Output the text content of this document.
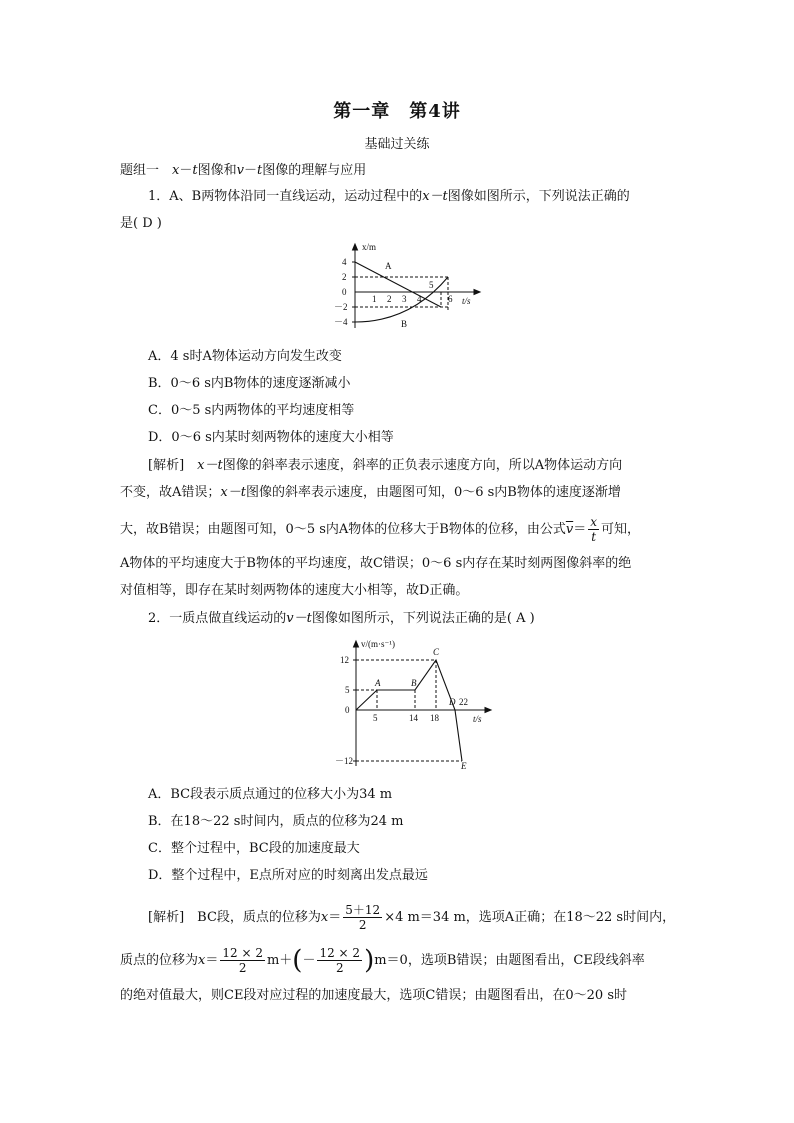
第一章　第4讲
基础过关练
题组一　 x－t图像和v－t图像的理解与应用
1．A、B两物体沿同一直线运动，运动过程中的x－t图像如图所示，下列说法正确的
是( D )
x/m
t/s
4
2
0
－2
－4
1 2 3 4
5
6
A
B
A．4 s时A物体运动方向发生改变
B．0～6 s内B物体的速度逐渐减小
C．0～5 s内两物体的平均速度相等
D．0～6 s内某时刻两物体的速度大小相等
[解析]　 x－t图像的斜率表示速度，斜率的正负表示速度方向，所以A物体运动方向
不变，故A错误；x－t图像的斜率表示速度，由题图可知，0～6 s内B物体的速度逐渐增
大，故B错误；由题图可知，0～5 s内A物体的位移大于B物体的位移，由公式$\overline{v}= \frac{x}{t}$ 可知，
A物体的平均速度大于B物体的平均速度，故C错误；0～6 s内存在某时刻两图像斜率的绝
对值相等，即存在某时刻两物体的速度大小相等，故D正确。
2．一质点做直线运动的v－t图像如图所示，下列说法正确的是( A )
v/(m·s⁻¹)
t/s
12
5
0
－12
5	14 18
22
A	B
C
D
E
A．BC段表示质点通过的位移大小为34 m
B．在18～22 s时间内，质点的位移为24 m
C．整个过程中，BC段的加速度最大
D．整个过程中，E点所对应的时刻离出发点最远
[解析]　 BC段，质点的位移为$x= \frac{5+12}{2} \times 4$ m＝34 m，选项A正确；在18～22 s时间内，
质点的位移为$x= \frac{12 \times 2}{2} m+(- \frac{12 \times 2}{2} )m=0$，选项B错误；由题图看出，CE段线斜率
的绝对值最大，则CE段对应过程的加速度最大，选项C错误；由题图看出，在0～20 s时
